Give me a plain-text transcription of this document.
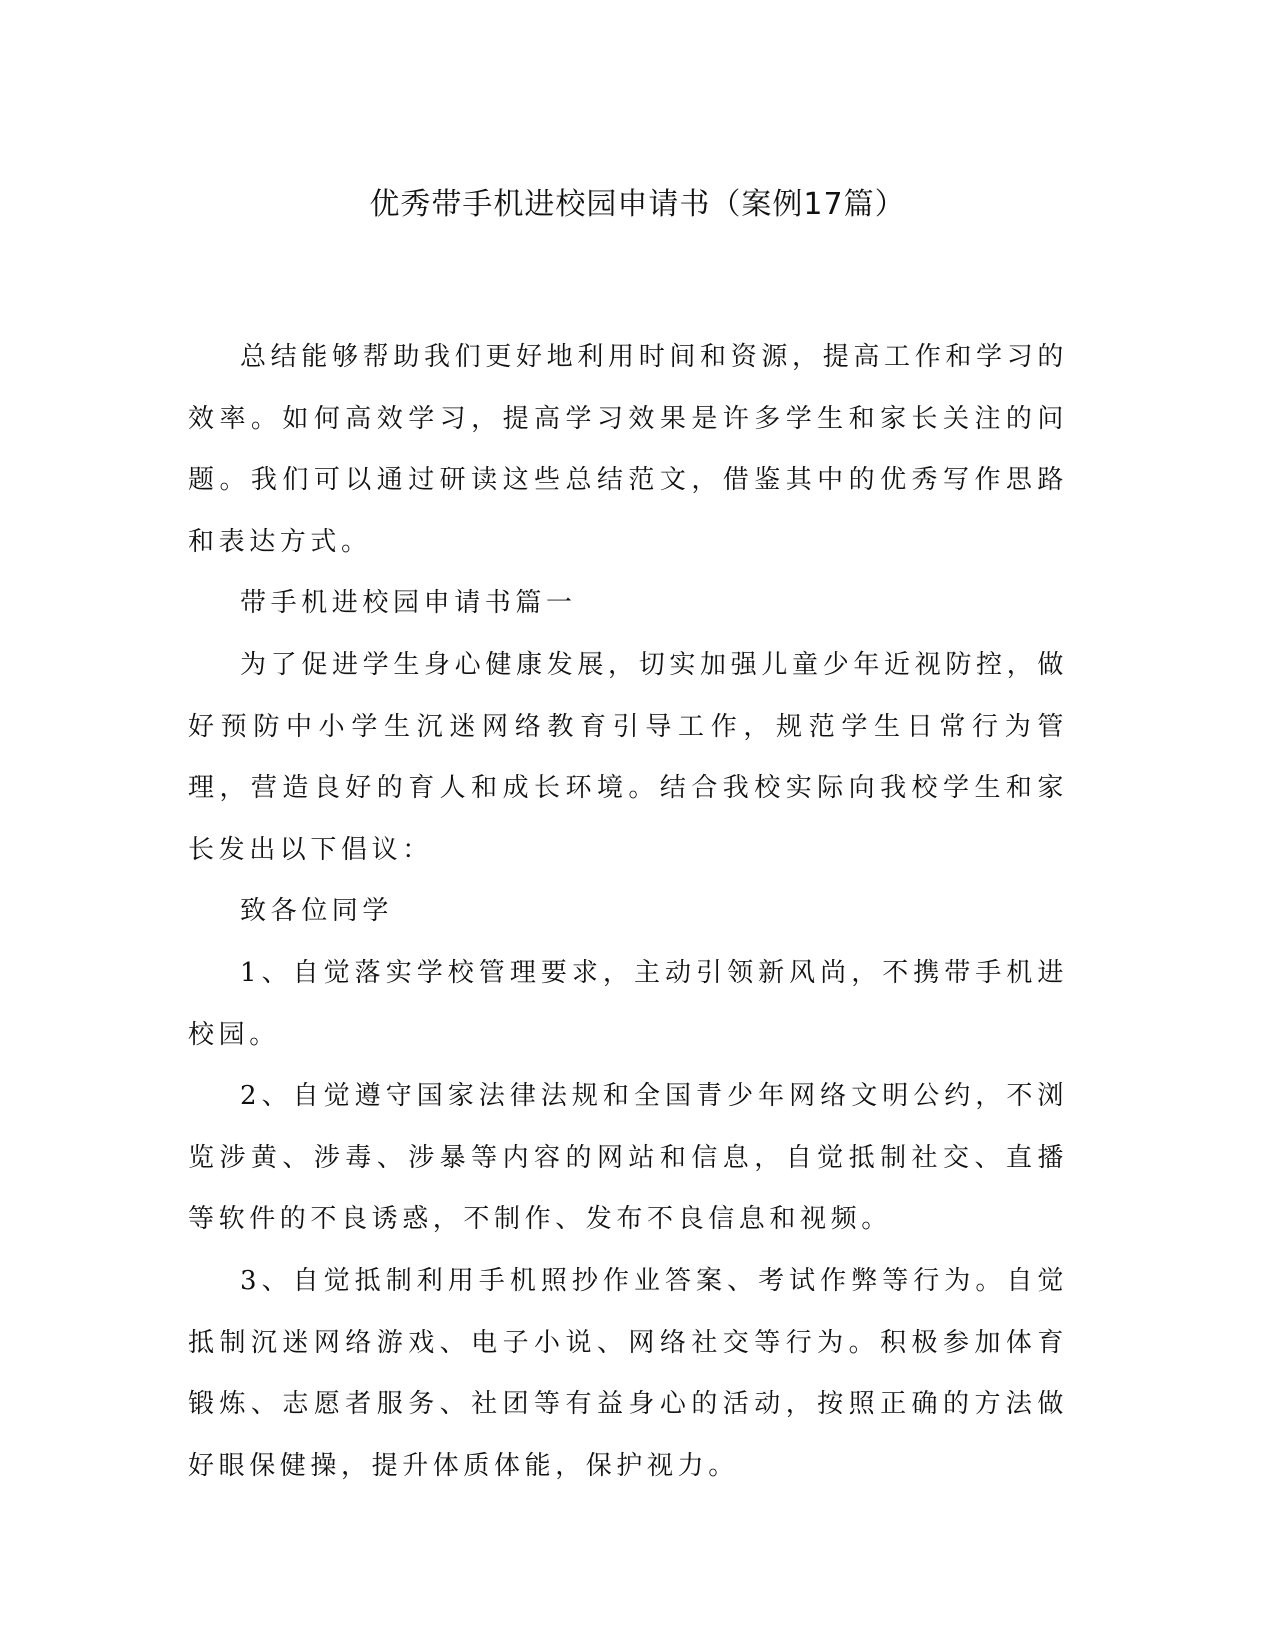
优秀带手机进校园申请书（案例17篇）

总结能够帮助我们更好地利用时间和资源，提高工作和学习的效率。如何高效学习，提高学习效果是许多学生和家长关注的问题。我们可以通过研读这些总结范文，借鉴其中的优秀写作思路和表达方式。

带手机进校园申请书篇一

为了促进学生身心健康发展，切实加强儿童少年近视防控，做好预防中小学生沉迷网络教育引导工作，规范学生日常行为管理，营造良好的育人和成长环境。结合我校实际向我校学生和家长发出以下倡议：

致各位同学

1、自觉落实学校管理要求，主动引领新风尚，不携带手机进校园。

2、自觉遵守国家法律法规和全国青少年网络文明公约，不浏览涉黄、涉毒、涉暴等内容的网站和信息，自觉抵制社交、直播等软件的不良诱惑，不制作、发布不良信息和视频。

3、自觉抵制利用手机照抄作业答案、考试作弊等行为。自觉抵制沉迷网络游戏、电子小说、网络社交等行为。积极参加体育锻炼、志愿者服务、社团等有益身心的活动，按照正确的方法做好眼保健操，提升体质体能，保护视力。
